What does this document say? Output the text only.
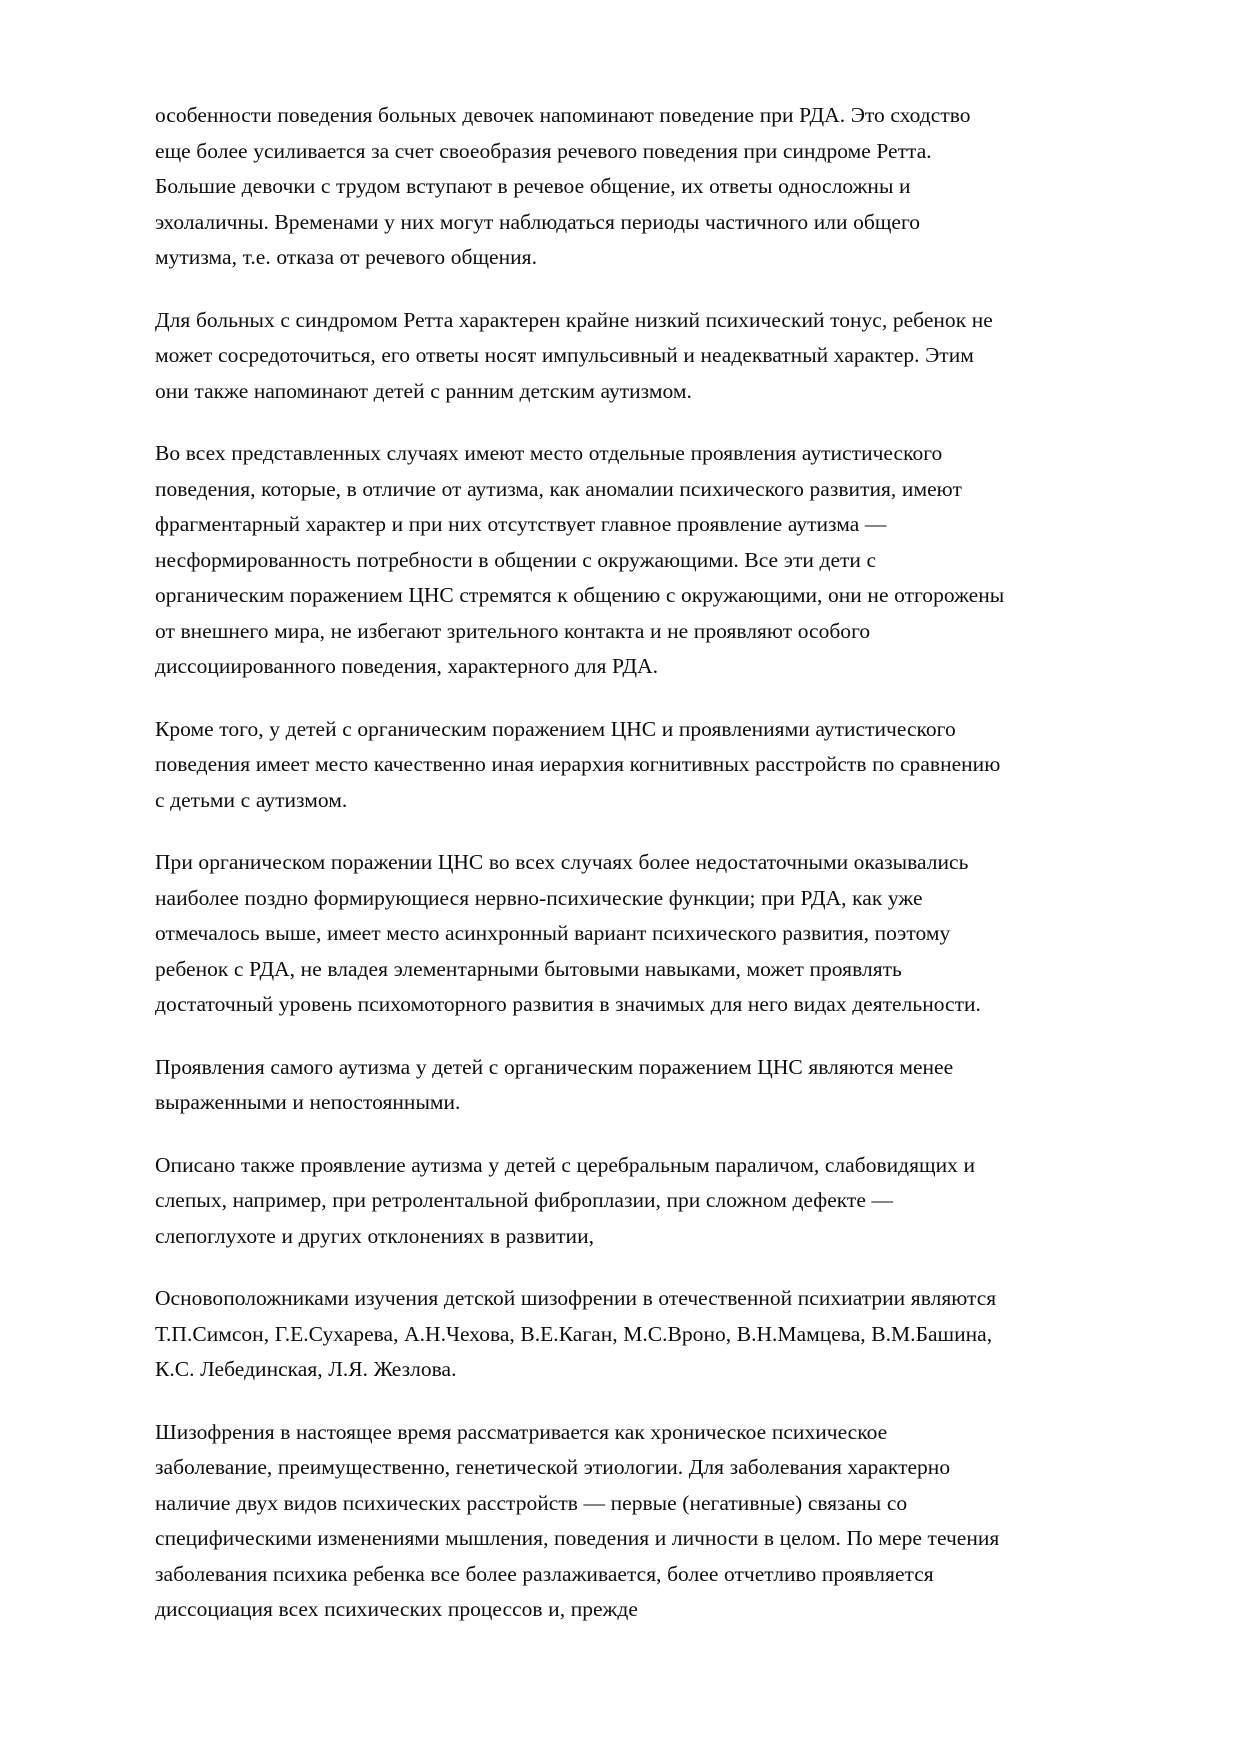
особенности поведения больных девочек напоминают поведение при РДА. Это сходство еще более усиливается за счет своеобразия речевого поведения при синдроме Ретта. Большие девочки с трудом вступают в речевое общение, их ответы односложны и эхолаличны. Временами у них могут наблюдаться периоды частичного или общего мутизма, т.е. отказа от речевого общения.

Для больных с синдромом Ретта характерен крайне низкий психический тонус, ребенок не может сосредоточиться, его ответы носят импульсивный и неадекватный характер. Этим они также напоминают детей с ранним детским аутизмом.

Во всех представленных случаях имеют место отдельные проявления аутистического поведения, которые, в отличие от аутизма, как аномалии психического развития, имеют фрагментарный характер и при них отсутствует главное проявление аутизма — несформированность потребности в общении с окружающими. Все эти дети с органическим поражением ЦНС стремятся к общению с окружающими, они не отгорожены от внешнего мира, не избегают зрительного контакта и не проявляют особого диссоциированного поведения, характерного для РДА.

Кроме того, у детей с органическим поражением ЦНС и проявлениями аутистического поведения имеет место качественно иная иерархия когнитивных расстройств по сравнению с детьми с аутизмом.

При органическом поражении ЦНС во всех случаях более недостаточными оказывались наиболее поздно формирующиеся нервно-психические функции; при РДА, как уже отмечалось выше, имеет место асинхронный вариант психического развития, поэтому ребенок с РДА, не владея элементарными бытовыми навыками, может проявлять достаточный уровень психомоторного развития в значимых для него видах деятельности.

Проявления самого аутизма у детей с органическим поражением ЦНС являются менее выраженными и непостоянными.

Описано также проявление аутизма у детей с церебральным параличом, слабовидящих и слепых, например, при ретролентальной фиброплазии, при сложном дефекте — слепоглухоте и других отклонениях в развитии,

Основоположниками изучения детской шизофрении в отечественной психиатрии являются Т.П.Симсон, Г.Е.Сухарева, А.Н.Чехова, В.Е.Каган, М.С.Вроно, В.Н.Мамцева, В.М.Башина, К.С. Лебединская, Л.Я. Жезлова.

Шизофрения в настоящее время рассматривается как хроническое психическое заболевание, преимущественно, генетической этиологии. Для заболевания характерно наличие двух видов психических расстройств — первые (негативные) связаны со специфическими изменениями мышления, поведения и личности в целом. По мере течения заболевания психика ребенка все более разлаживается, более отчетливо проявляется диссоциация всех психических процессов и, прежде
